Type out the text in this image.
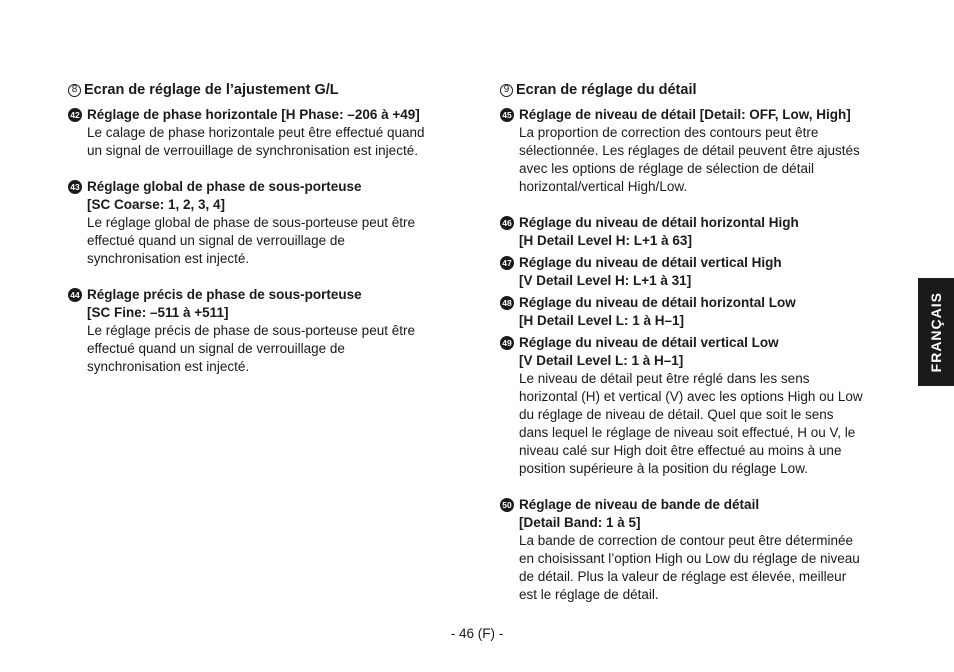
8 Ecran de réglage de l’ajustement G/L
42 Réglage de phase horizontale [H Phase: –206 à +49]
Le calage de phase horizontale peut être effectué quand
un signal de verrouillage de synchronisation est injecté.
43 Réglage global de phase de sous-porteuse
[SC Coarse: 1, 2, 3, 4]
Le réglage global de phase de sous-porteuse peut être
effectué quand un signal de verrouillage de
synchronisation est injecté.
44 Réglage précis de phase de sous-porteuse
[SC Fine: –511 à +511]
Le réglage précis de phase de sous-porteuse peut être
effectué quand un signal de verrouillage de
synchronisation est injecté.
9 Ecran de réglage du détail
45 Réglage de niveau de détail [Detail: OFF, Low, High]
La proportion de correction des contours peut être
sélectionnée. Les réglages de détail peuvent être ajustés
avec les options de réglage de sélection de détail
horizontal/vertical High/Low.
46 Réglage du niveau de détail horizontal High
[H Detail Level H: L+1 à 63]
47 Réglage du niveau de détail vertical High
[V Detail Level H: L+1 à 31]
48 Réglage du niveau de détail horizontal Low
[H Detail Level L: 1 à H–1]
49 Réglage du niveau de détail vertical Low
[V Detail Level L: 1 à H–1]
Le niveau de détail peut être réglé dans les sens
horizontal (H) et vertical (V) avec les options High ou Low
du réglage de niveau de détail. Quel que soit le sens
dans lequel le réglage de niveau soit effectué, H ou V, le
niveau calé sur High doit être effectué au moins à une
position supérieure à la position du réglage Low.
50 Réglage de niveau de bande de détail
[Detail Band: 1 à 5]
La bande de correction de contour peut être déterminée
en choisissant l’option High ou Low du réglage de niveau
de détail. Plus la valeur de réglage est élevée, meilleur
est le réglage de détail.
FRANÇAIS
- 46 (F) -
